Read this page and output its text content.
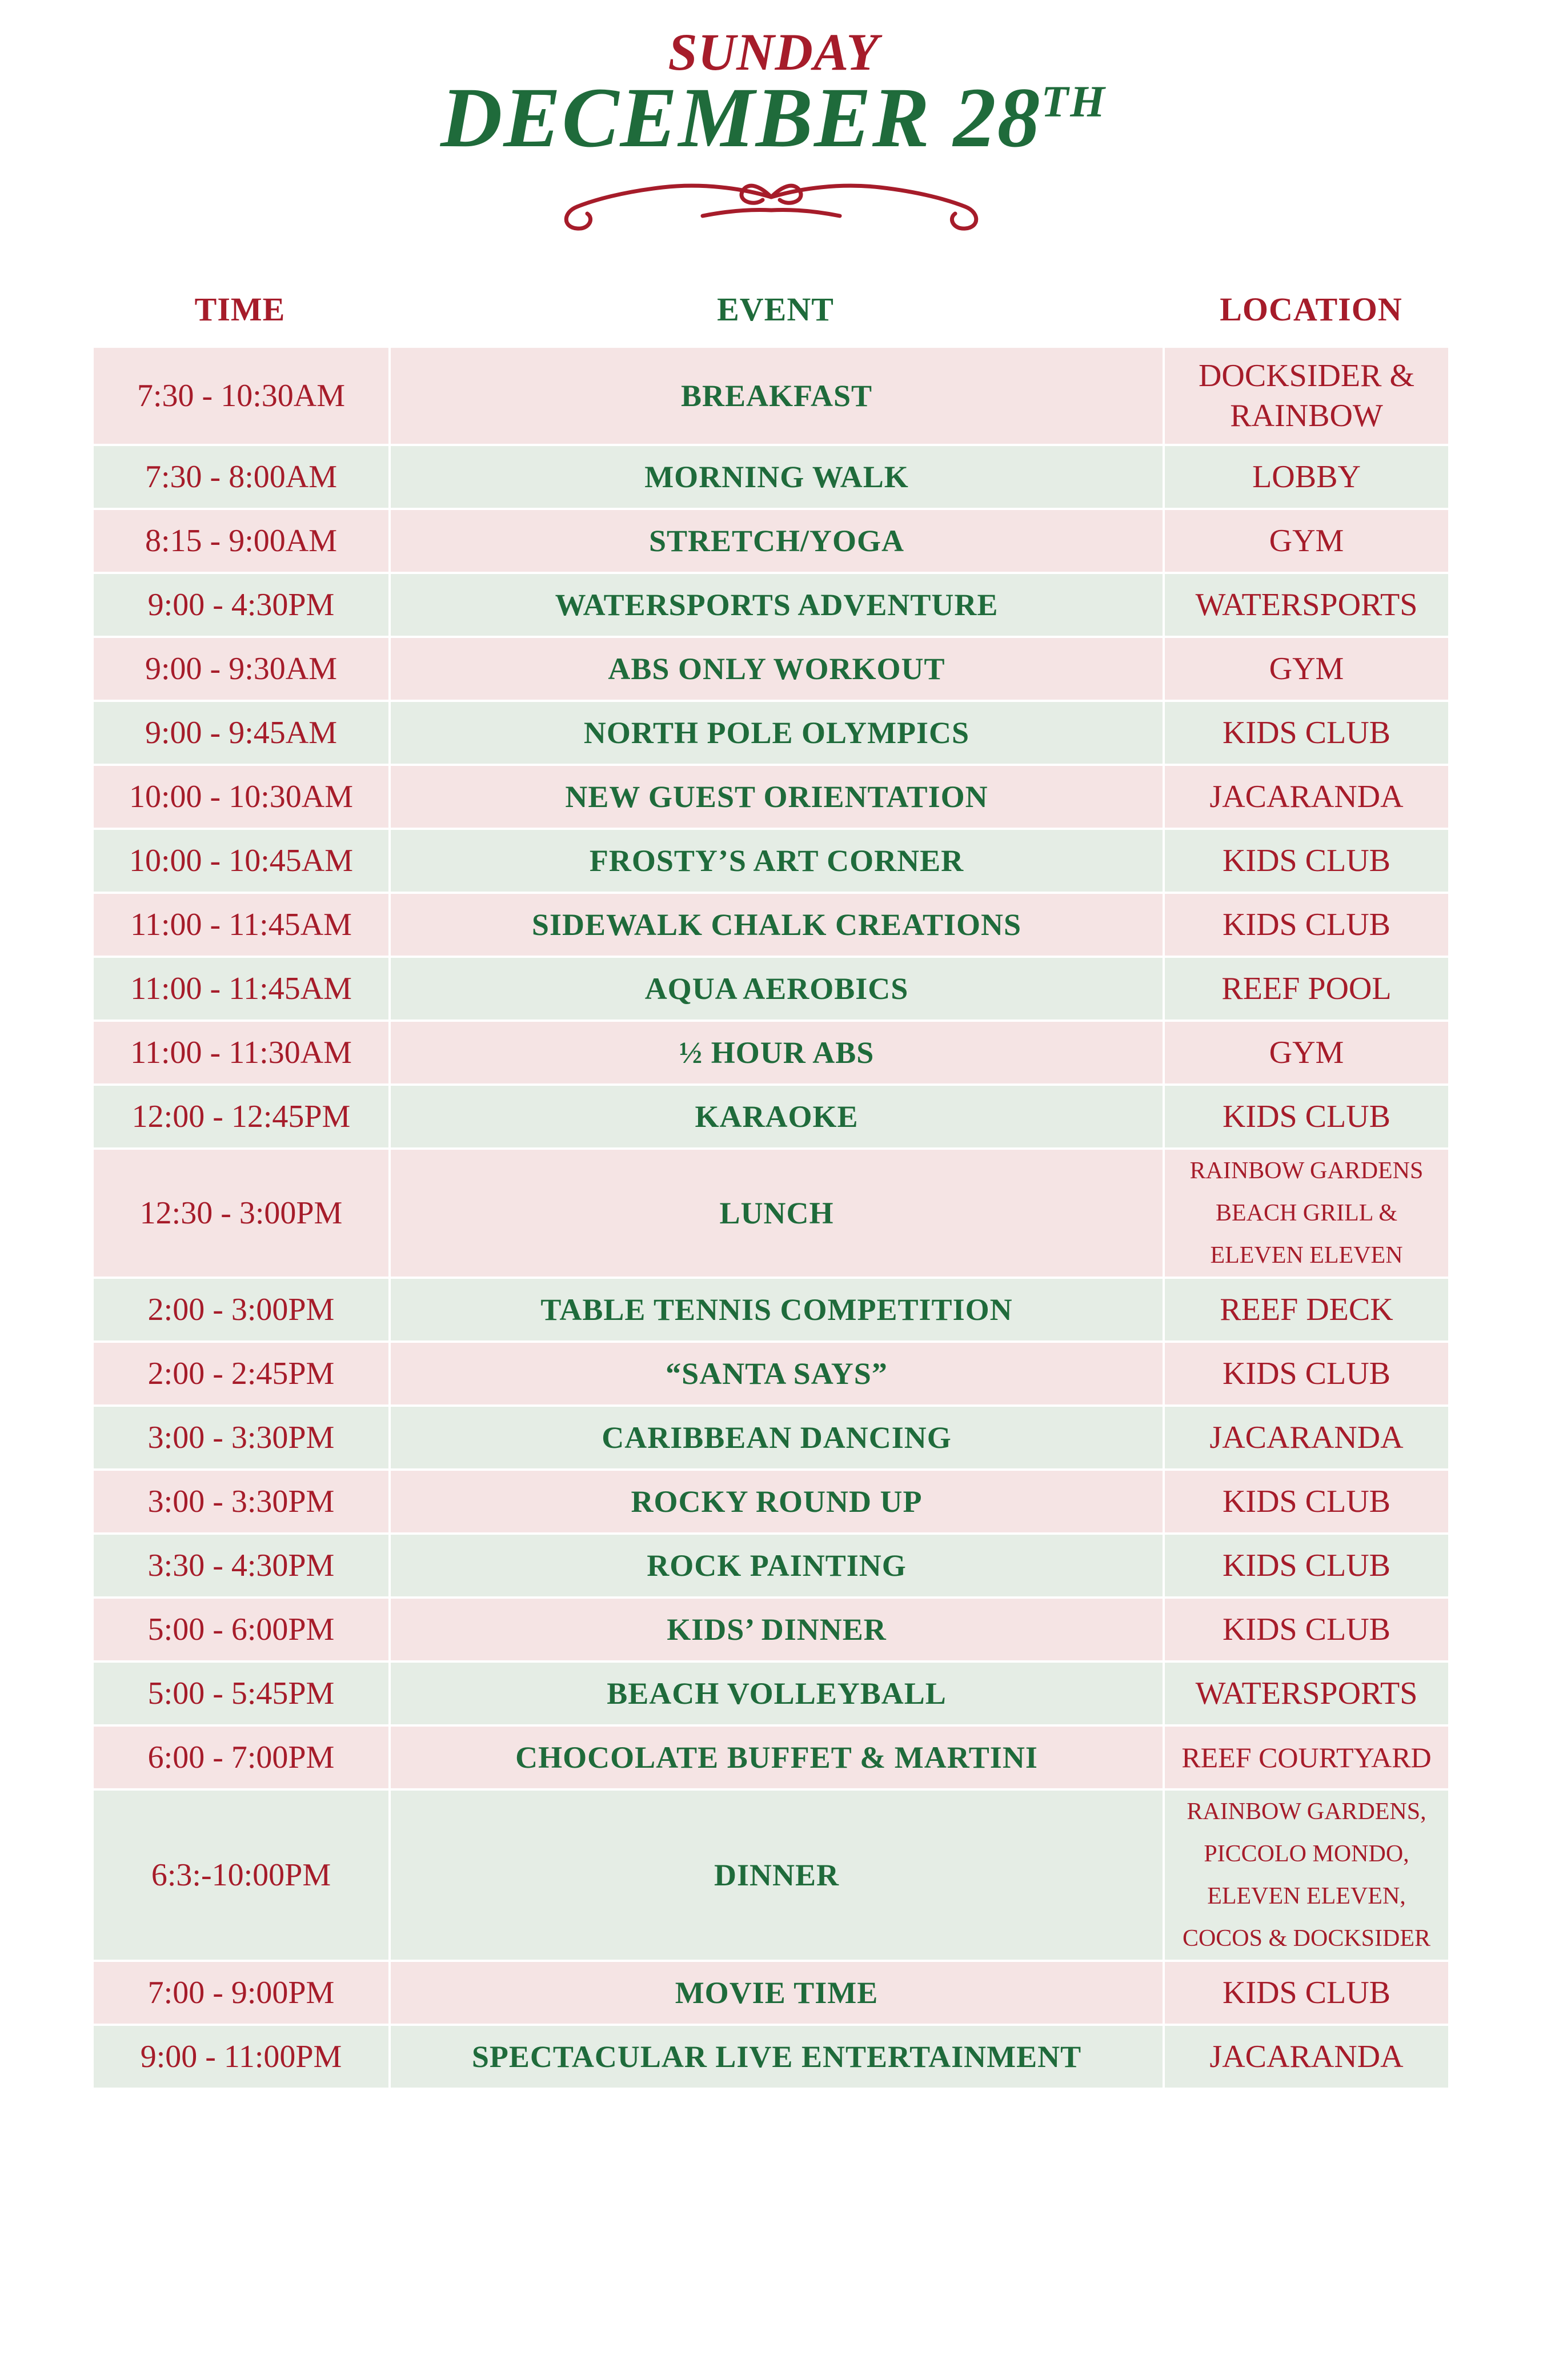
SUNDAY
DECEMBER 28TH
TIME	EVENT	LOCATION
7:30 - 10:30AM	BREAKFAST	DOCKSIDER & RAINBOW
7:30 - 8:00AM	MORNING WALK	LOBBY
8:15 - 9:00AM	STRETCH/YOGA	GYM
9:00 - 4:30PM	WATERSPORTS ADVENTURE	WATERSPORTS
9:00 - 9:30AM	ABS ONLY WORKOUT	GYM
9:00 - 9:45AM	NORTH POLE OLYMPICS	KIDS CLUB
10:00 - 10:30AM	NEW GUEST ORIENTATION	JACARANDA
10:00 - 10:45AM	FROSTY’S ART CORNER	KIDS CLUB
11:00 - 11:45AM	SIDEWALK CHALK CREATIONS	KIDS CLUB
11:00 - 11:45AM	AQUA AEROBICS	REEF POOL
11:00 - 11:30AM	½ HOUR ABS	GYM
12:00 - 12:45PM	KARAOKE	KIDS CLUB
12:30 - 3:00PM	LUNCH	RAINBOW GARDENS BEACH GRILL & ELEVEN ELEVEN
2:00 - 3:00PM	TABLE TENNIS COMPETITION	REEF DECK
2:00 - 2:45PM	“SANTA SAYS”	KIDS CLUB
3:00 - 3:30PM	CARIBBEAN DANCING	JACARANDA
3:00 - 3:30PM	ROCKY ROUND UP	KIDS CLUB
3:30 - 4:30PM	ROCK PAINTING	KIDS CLUB
5:00 - 6:00PM	KIDS’ DINNER	KIDS CLUB
5:00 - 5:45PM	BEACH VOLLEYBALL	WATERSPORTS
6:00 - 7:00PM	CHOCOLATE BUFFET & MARTINI	REEF COURTYARD
6:3:-10:00PM	DINNER	RAINBOW GARDENS, PICCOLO MONDO, ELEVEN ELEVEN, COCOS & DOCKSIDER
7:00 - 9:00PM	MOVIE TIME	KIDS CLUB
9:00 - 11:00PM	SPECTACULAR LIVE ENTERTAINMENT	JACARANDA
